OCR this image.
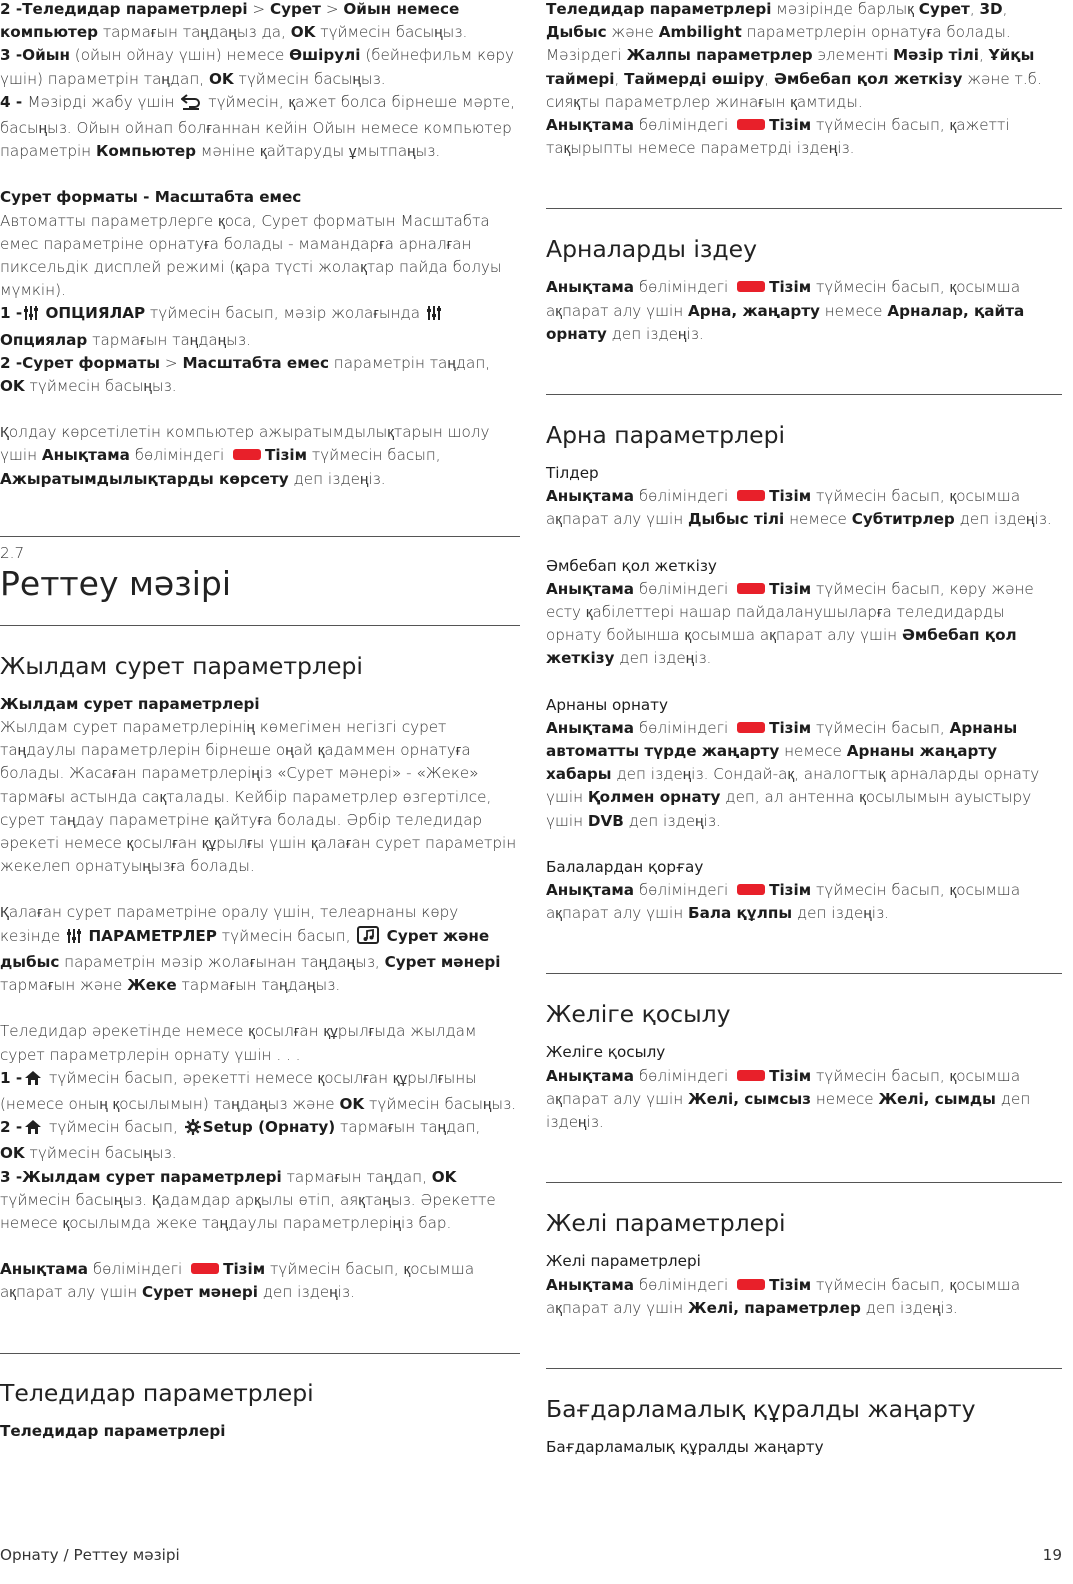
2 -Теледидар параметрлері > Сурет > Ойын немесе компьютер тармағын таңдаңыз да, OK түймесін басыңыз.

3 -Ойын (ойын ойнау үшін) немесе Өшірулі (бейнефильм көру үшін) параметрін таңдап, OK түймесін басыңыз.

4 - Мәзірді жабу үшін  түймесін, қажет болса бірнеше мәрте, басыңыз. Ойын ойнап болғаннан кейін Ойын немесе компьютер параметрін Компьютер мәніне қайтаруды ұмытпаңыз.

Сурет форматы - Масштабта емес

Автоматты параметрлерге қоса, Сурет форматын Масштабта емес параметріне орнатуға болады - мамандарға арналған пиксельдік дисплей режимі (қара түсті жолақтар пайда болуы мүмкін).

1 - ОПЦИЯЛАР түймесін басып, мәзір жолағында
Опциялар тармағын таңдаңыз.

2 -Сурет форматы > Масштабта емес параметрін таңдап,
OK түймесін басыңыз.

Қолдау көрсетілетін компьютер ажыратымдылықтарын шолу үшін Анықтама бөліміндегі Тізім түймесін басып,
Ажыратымдылықтарды көрсету деп іздеңіз.

2.7

Реттеу мәзірі
Жылдам сурет параметрлері

Жылдам сурет параметрлері

Жылдам сурет параметрлерінің көмегімен негізгі сурет таңдаулы параметрлерін бірнеше оңай қадаммен орнатуға болады. Жасаған параметрлеріңіз «Сурет мәнері» - «Жеке» тармағы астында сақталады. Кейбір параметрлер өзгертілсе, сурет таңдау параметріне қайтуға болады. Әрбір теледидар әрекеті немесе қосылған құрылғы үшін қалаған сурет параметрін жекелеп орнатуыңызға болады.

Қалаған сурет параметріне оралу үшін, телеарнаны көру кезінде  ПАРАМЕТРЛЕР түймесін басып,  Сурет және дыбыс параметрін мәзір жолағынан таңдаңыз, Сурет мәнері тармағын және Жеке тармағын таңдаңыз.

Теледидар әрекетінде немесе қосылған құрылғыда жылдам сурет параметрлерін орнату үшін . . .

1 - түймесін басып, әрекетті немесе қосылған құрылғыны (немесе оның қосылымын) таңдаңыз және OK түймесін басыңыз.

2 - түймесін басып, Setup (Орнату) тармағын таңдап,
OK түймесін басыңыз.

3 -Жылдам сурет параметрлері тармағын таңдап, OK түймесін басыңыз. Қадамдар арқылы өтіп, аяқтаңыз. Әрекетте немесе қосылымда жеке таңдаулы параметрлеріңіз бар.

Анықтама бөліміндегі Тізім түймесін басып, қосымша ақпарат алу үшін Сурет мәнері деп іздеңіз.

Теледидар параметрлері

Теледидар параметрлері

Теледидар параметрлері мәзірінде барлық Сурет, 3D, Дыбыс және Ambilight параметрлерін орнатуға болады. Мәзірдегі Жалпы параметрлер элементі Мәзір тілі, Ұйқы таймері, Таймерді өшіру, Әмбебап қол жеткізу және т.б. сияқты параметрлер жинағын қамтиды.

Анықтама бөліміндегі Тізім түймесін басып, қажетті тақырыпты немесе параметрді іздеңіз.

Арналарды іздеу

Анықтама бөліміндегі Тізім түймесін басып, қосымша ақпарат алу үшін Арна, жаңарту немесе Арналар, қайта орнату деп іздеңіз.

Арна параметрлері

Тілдер

Анықтама бөліміндегі Тізім түймесін басып, қосымша ақпарат алу үшін Дыбыс тілі немесе Субтитрлер деп іздеңіз.

Әмбебап қол жеткізу

Анықтама бөліміндегі Тізім түймесін басып, көру және есту қабілеттері нашар пайдаланушыларға теледидарды орнату бойынша қосымша ақпарат алу үшін Әмбебап қол жеткізу деп іздеңіз.

Арнаны орнату

Анықтама бөліміндегі Тізім түймесін басып, Арнаны автоматты түрде жаңарту немесе Арнаны жаңарту хабары деп іздеңіз. Сондай-ақ, аналогтық арналарды орнату үшін Қолмен орнату деп, ал антенна қосылымын ауыстыру үшін DVB деп іздеңіз.

Балалардан қорғау

Анықтама бөліміндегі Тізім түймесін басып, қосымша ақпарат алу үшін Бала құлпы деп іздеңіз.

Желіге қосылу

Желіге қосылу

Анықтама бөліміндегі Тізім түймесін басып, қосымша ақпарат алу үшін Желі, сымсыз немесе Желі, сымды деп іздеңіз.

Желі параметрлері

Желі параметрлері

Анықтама бөліміндегі Тізім түймесін басып, қосымша ақпарат алу үшін Желі, параметрлер деп іздеңіз.

Бағдарламалық құралды жаңарту

Бағдарламалық құралды жаңарту

Орнату / Реттеу мәзірі	19
